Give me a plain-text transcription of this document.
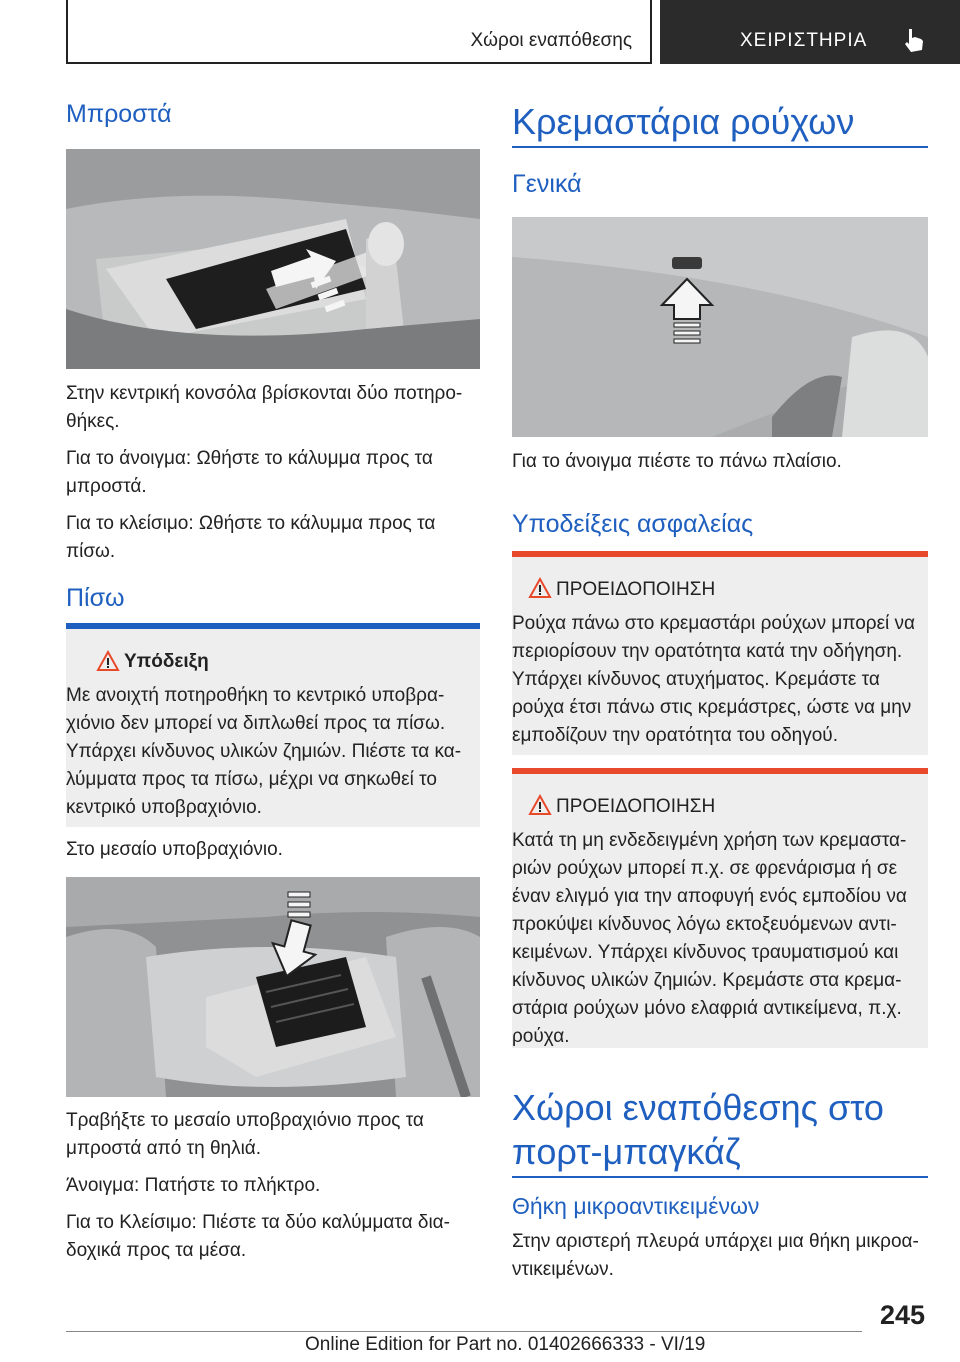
Χώροι εναπόθεσης	ΧΕΙΡΙΣΤΗΡΙΑ
Μπροστά
Στην κεντρική κονσόλα βρίσκονται δύο ποτηρο-
θήκες.
Για το άνοιγμα: Ωθήστε το κάλυμμα προς τα
μπροστά.
Για το κλείσιμο: Ωθήστε το κάλυμμα προς τα
πίσω.
Πίσω
Υπόδειξη
Με ανοιχτή ποτηροθήκη το κεντρικό υποβρα-
χιόνιο δεν μπορεί να διπλωθεί προς τα πίσω.
Υπάρχει κίνδυνος υλικών ζημιών. Πιέστε τα κα-
λύμματα προς τα πίσω, μέχρι να σηκωθεί το
κεντρικό υποβραχιόνιο.
Στο μεσαίο υποβραχιόνιο.
Τραβήξτε το μεσαίο υποβραχιόνιο προς τα
μπροστά από τη θηλιά.
Άνοιγμα: Πατήστε το πλήκτρο.
Για το Κλείσιμο: Πιέστε τα δύο καλύμματα δια-
δοχικά προς τα μέσα.
Κρεμαστάρια ρούχων
Γενικά
Για το άνοιγμα πιέστε το πάνω πλαίσιο.
Υποδείξεις ασφαλείας
ΠΡΟΕΙΔΟΠΟΙΗΣΗ
Ρούχα πάνω στο κρεμαστάρι ρούχων μπορεί να
περιορίσουν την ορατότητα κατά την οδήγηση.
Υπάρχει κίνδυνος ατυχήματος. Κρεμάστε τα
ρούχα έτσι πάνω στις κρεμάστρες, ώστε να μην
εμποδίζουν την ορατότητα του οδηγού.
ΠΡΟΕΙΔΟΠΟΙΗΣΗ
Κατά τη μη ενδεδειγμένη χρήση των κρεμαστα-
ριών ρούχων μπορεί π.χ. σε φρενάρισμα ή σε
έναν ελιγμό για την αποφυγή ενός εμποδίου να
προκύψει κίνδυνος λόγω εκτοξευόμενων αντι-
κειμένων. Υπάρχει κίνδυνος τραυματισμού και
κίνδυνος υλικών ζημιών. Κρεμάστε στα κρεμα-
στάρια ρούχων μόνο ελαφριά αντικείμενα, π.χ.
ρούχα.
Χώροι εναπόθεσης στο
πορτ-μπαγκάζ
Θήκη μικροαντικειμένων
Στην αριστερή πλευρά υπάρχει μια θήκη μικροα-
ντικειμένων.
245
Online Edition for Part no. 01402666333 - VI/19
